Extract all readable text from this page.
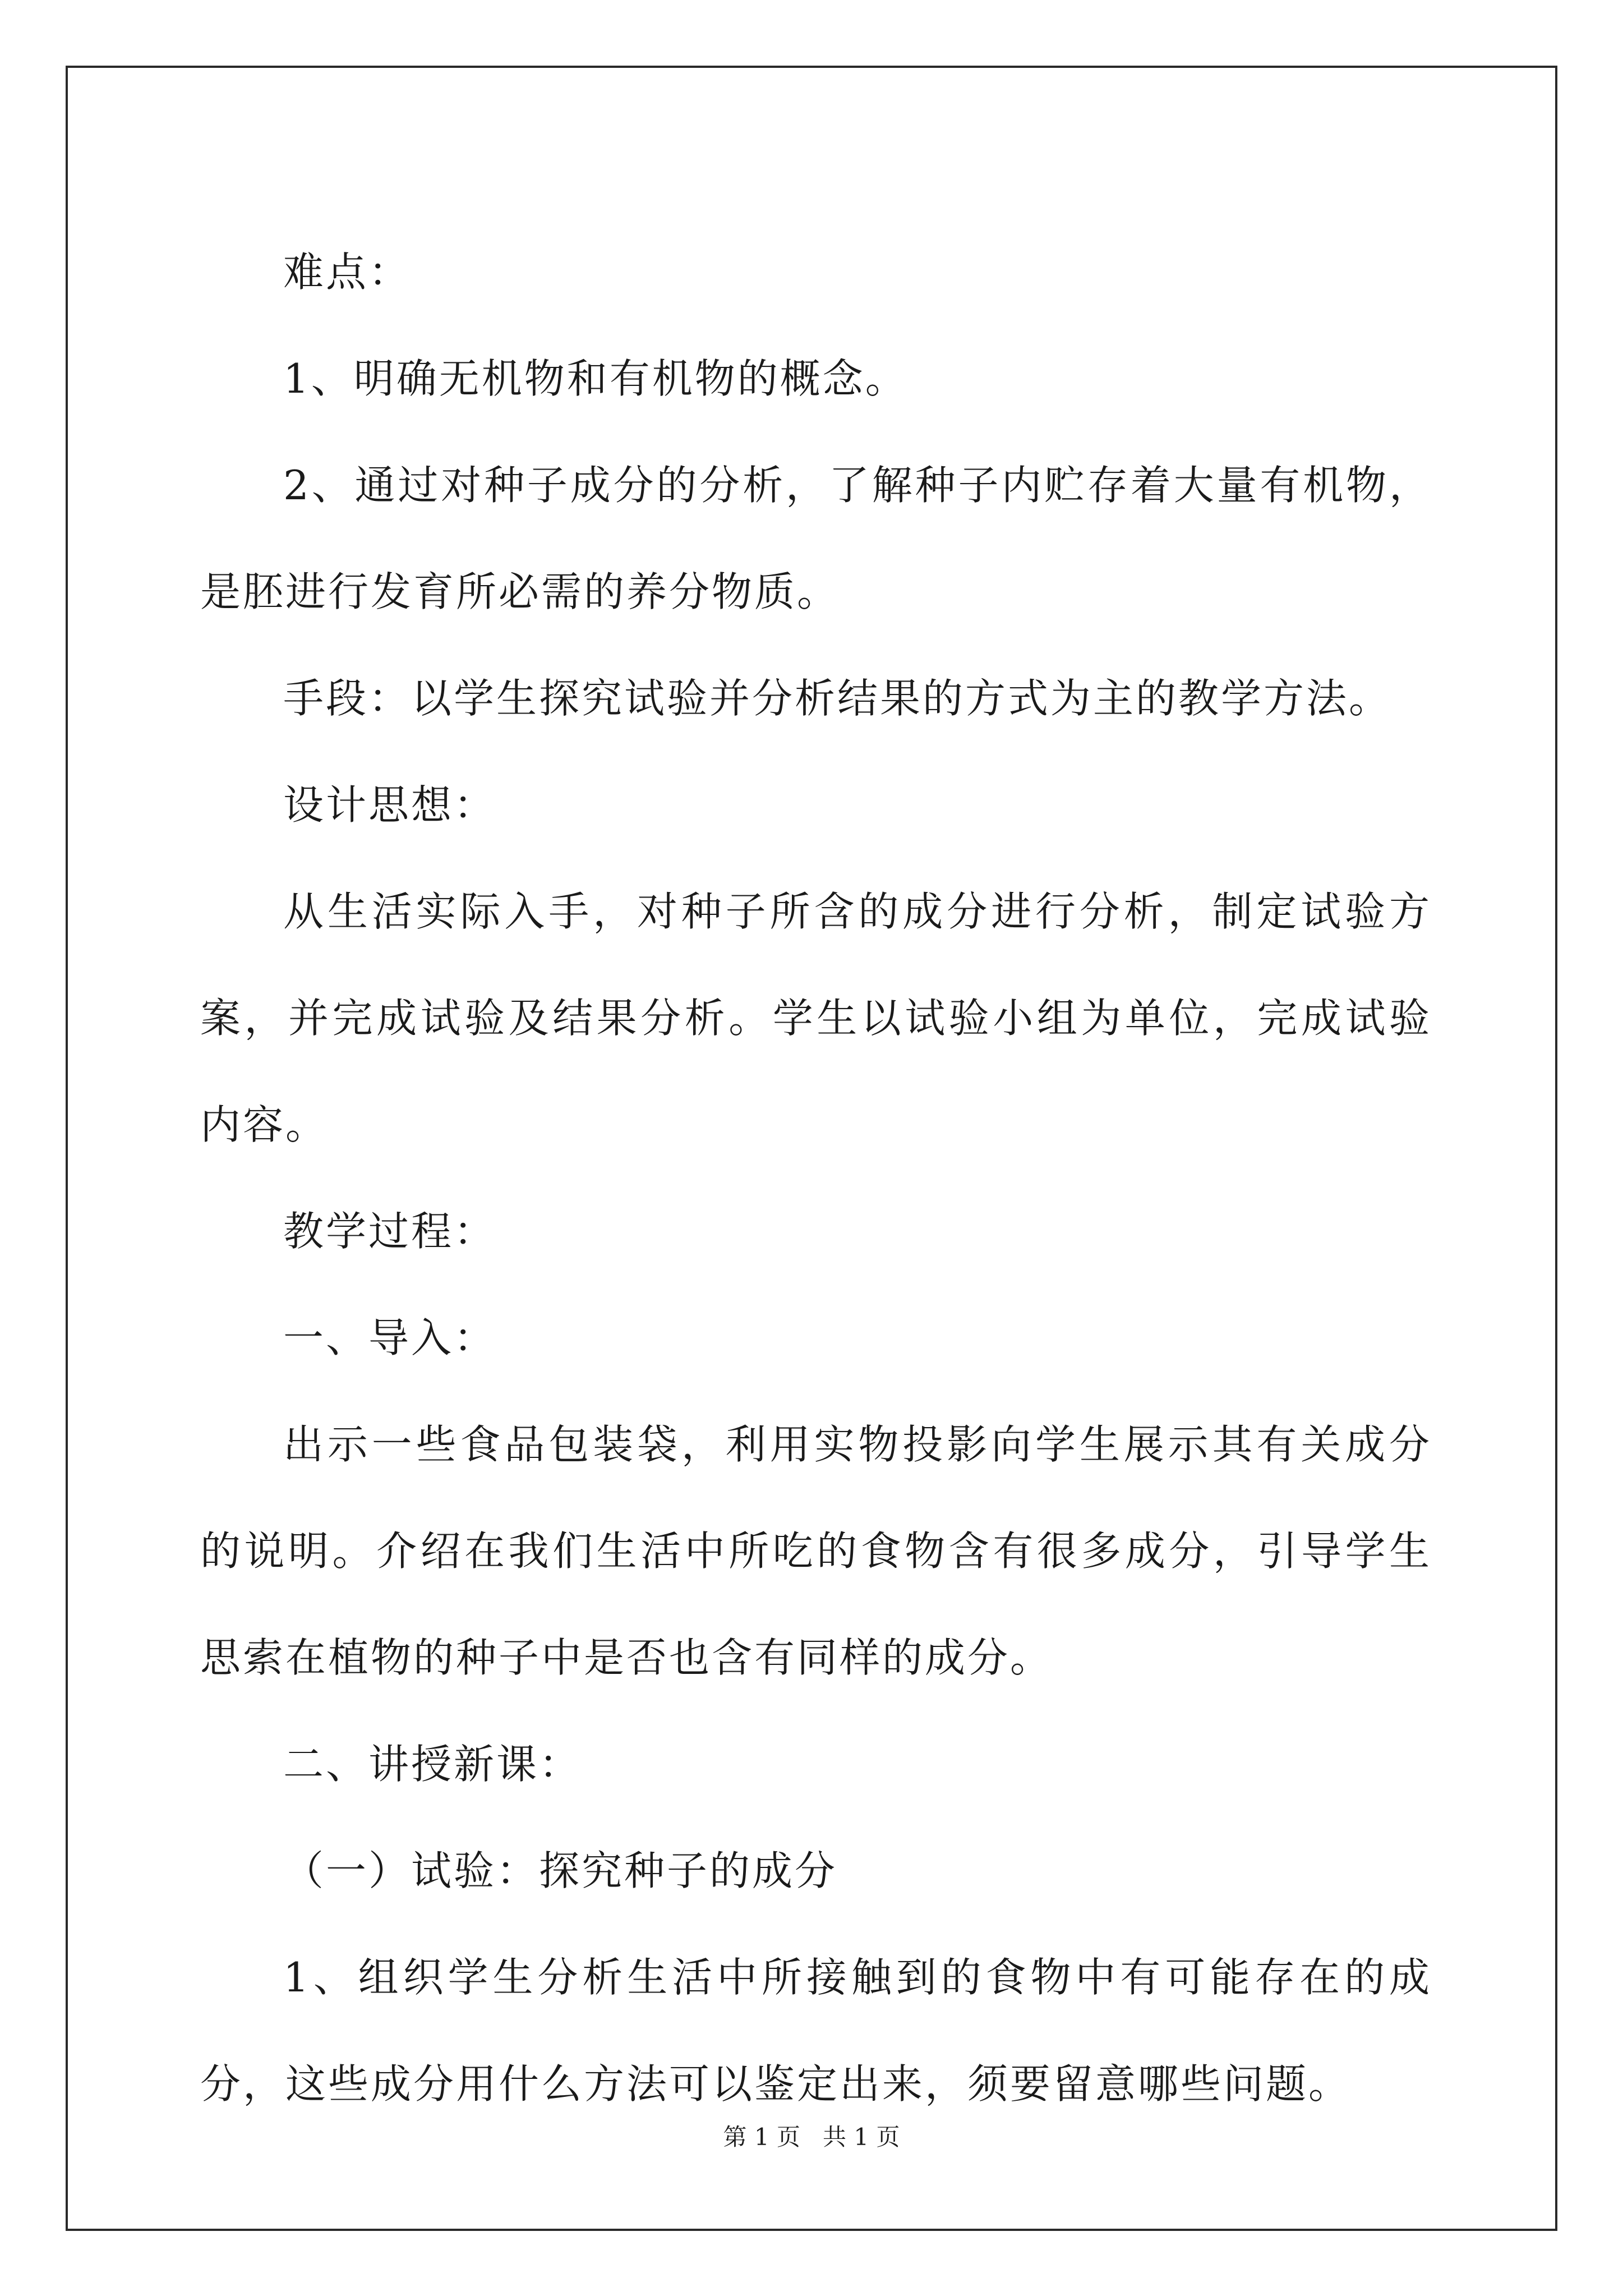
难点：

1、明确无机物和有机物的概念。

2、通过对种子成分的分析，了解种子内贮存着大量有机物，是胚进行发育所必需的养分物质。

手段：以学生探究试验并分析结果的方式为主的教学方法。

设计思想：

从生活实际入手，对种子所含的成分进行分析，制定试验方案，并完成试验及结果分析。学生以试验小组为单位，完成试验内容。

教学过程：

一、导入：

出示一些食品包装袋，利用实物投影向学生展示其有关成分的说明。介绍在我们生活中所吃的食物含有很多成分，引导学生思索在植物的种子中是否也含有同样的成分。

二、讲授新课：

（一）试验：探究种子的成分

1、组织学生分析生活中所接触到的食物中有可能存在的成分，这些成分用什么方法可以鉴定出来，须要留意哪些问题。

第 1 页   共 1 页
